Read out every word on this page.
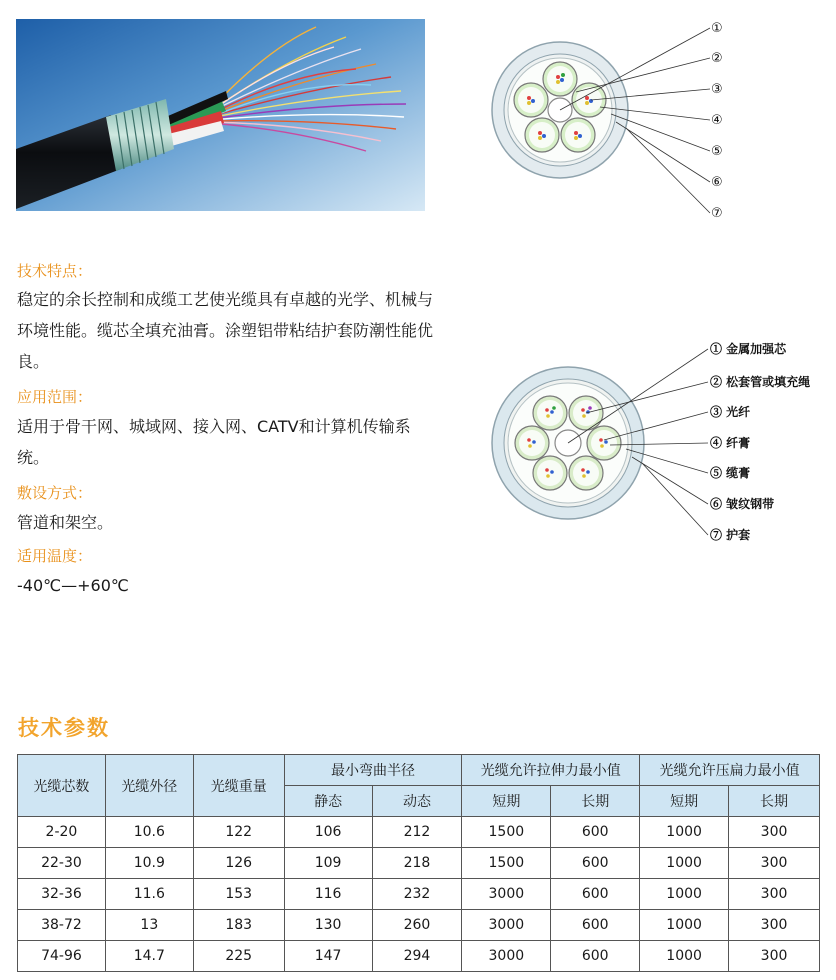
①
②
③
④
⑤
⑥
⑦
① 金属加强芯
② 松套管或填充绳
③ 光纤
④ 纤膏
⑤ 缆膏
⑥ 皱纹钢带
⑦ 护套
技术特点：
稳定的余长控制和成缆工艺使光缆具有卓越的光学、机械与环境性能。缆芯全填充油膏。涂塑铝带粘结护套防潮性能优良。
应用范围：
适用于骨干网、城域网、接入网、CATV和计算机传输系统。
敷设方式：
管道和架空。
适用温度：
-40℃—+60℃
技术参数
光缆芯数	光缆外径	光缆重量	最小弯曲半径		光缆允许拉伸力最小值		光缆允许压扁力最小值	
			静态	动态	短期	长期	短期	长期
2-20	10.6	122	106	212	1500	600	1000	300
22-30	10.9	126	109	218	1500	600	1000	300
32-36	11.6	153	116	232	3000	600	1000	300
38-72	13	183	130	260	3000	600	1000	300
74-96	14.7	225	147	294	3000	600	1000	300
